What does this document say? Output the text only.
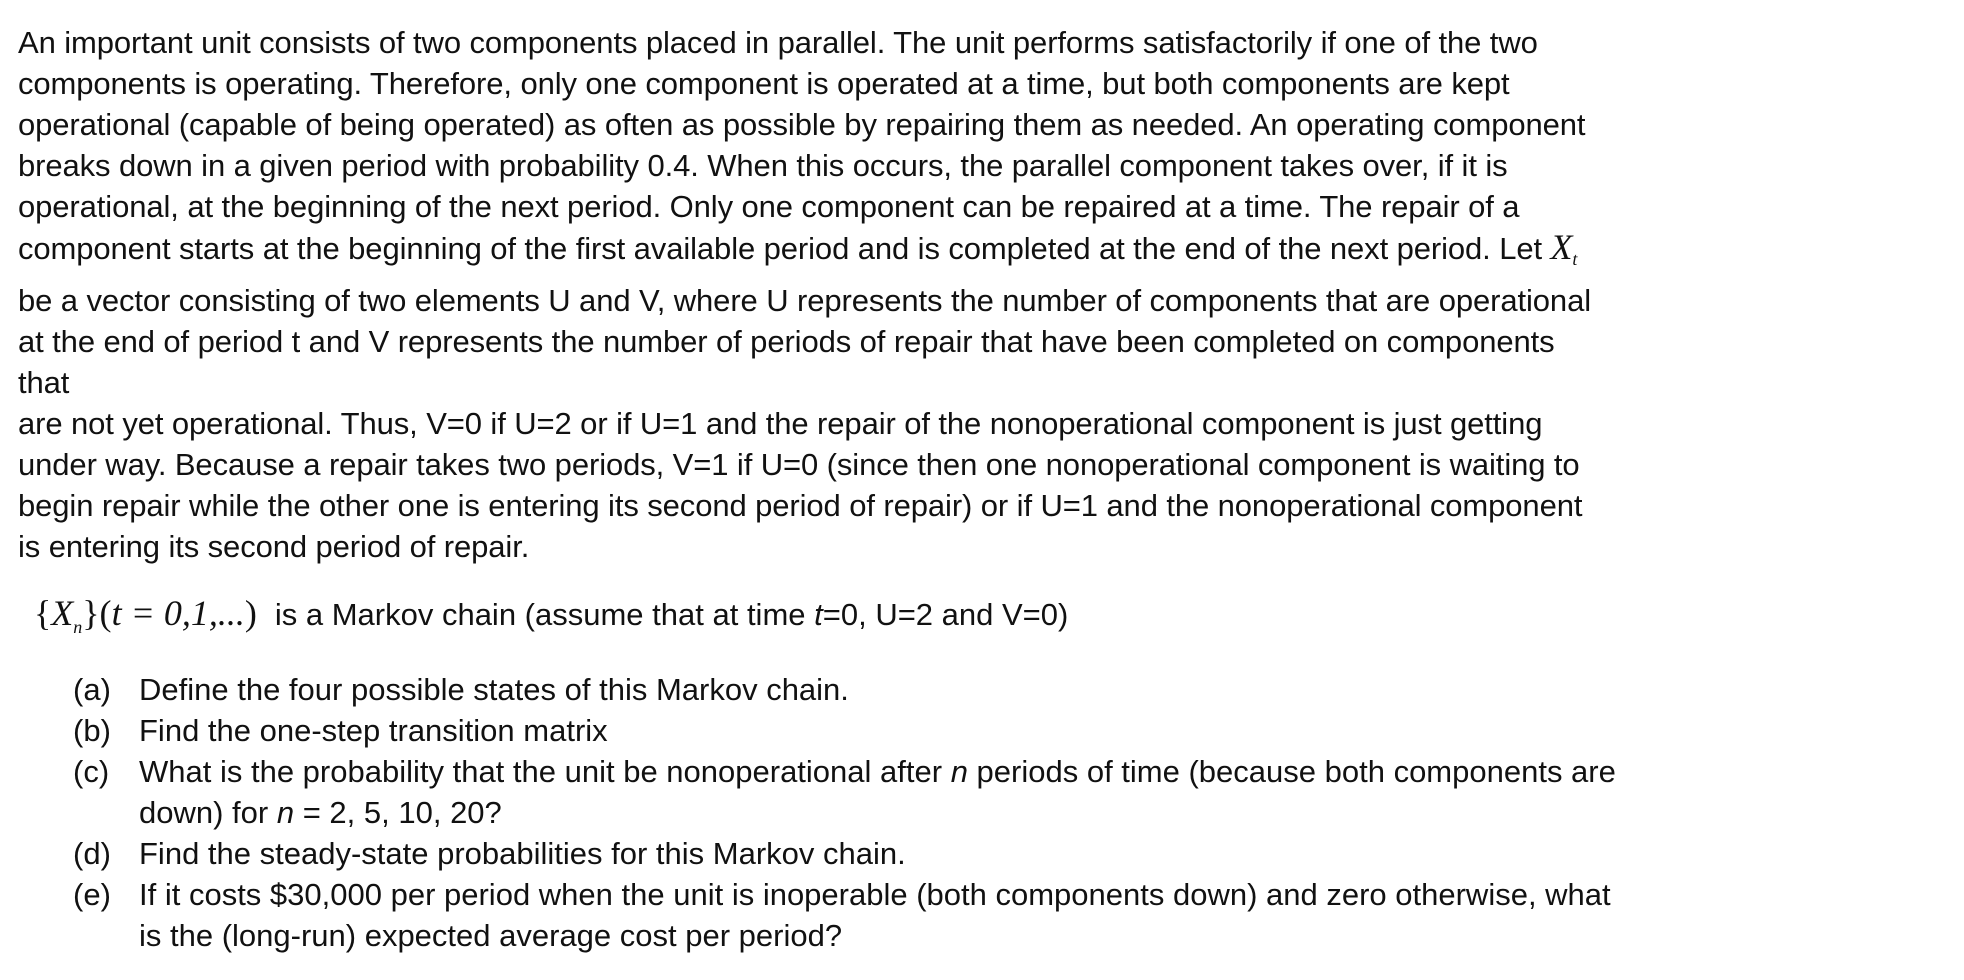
An important unit consists of two components placed in parallel. The unit performs satisfactorily if one of the two
components is operating. Therefore, only one component is operated at a time, but both components are kept
operational (capable of being operated) as often as possible by repairing them as needed. An operating component
breaks down in a given period with probability 0.4. When this occurs, the parallel component takes over, if it is
operational, at the beginning of the next period. Only one component can be repaired at a time. The repair of a
component starts at the beginning of the first available period and is completed at the end of the next period. Let $X_t$
be a vector consisting of two elements U and V, where U represents the number of components that are operational
at the end of period t and V represents the number of periods of repair that have been completed on components
that
are not yet operational. Thus, V=0 if U=2 or if U=1 and the repair of the nonoperational component is just getting
under way. Because a repair takes two periods, V=1 if U=0 (since then one nonoperational component is waiting to
begin repair while the other one is entering its second period of repair) or if U=1 and the nonoperational component
is entering its second period of repair.
$\{X_n\}(t = 0,1,...)$ is a Markov chain (assume that at time t=0, U=2 and V=0)
(a) Define the four possible states of this Markov chain.
(b) Find the one-step transition matrix
(c) What is the probability that the unit be nonoperational after n periods of time (because both components are
down) for n = 2, 5, 10, 20?
(d) Find the steady-state probabilities for this Markov chain.
(e) If it costs $30,000 per period when the unit is inoperable (both components down) and zero otherwise, what
is the (long-run) expected average cost per period?
